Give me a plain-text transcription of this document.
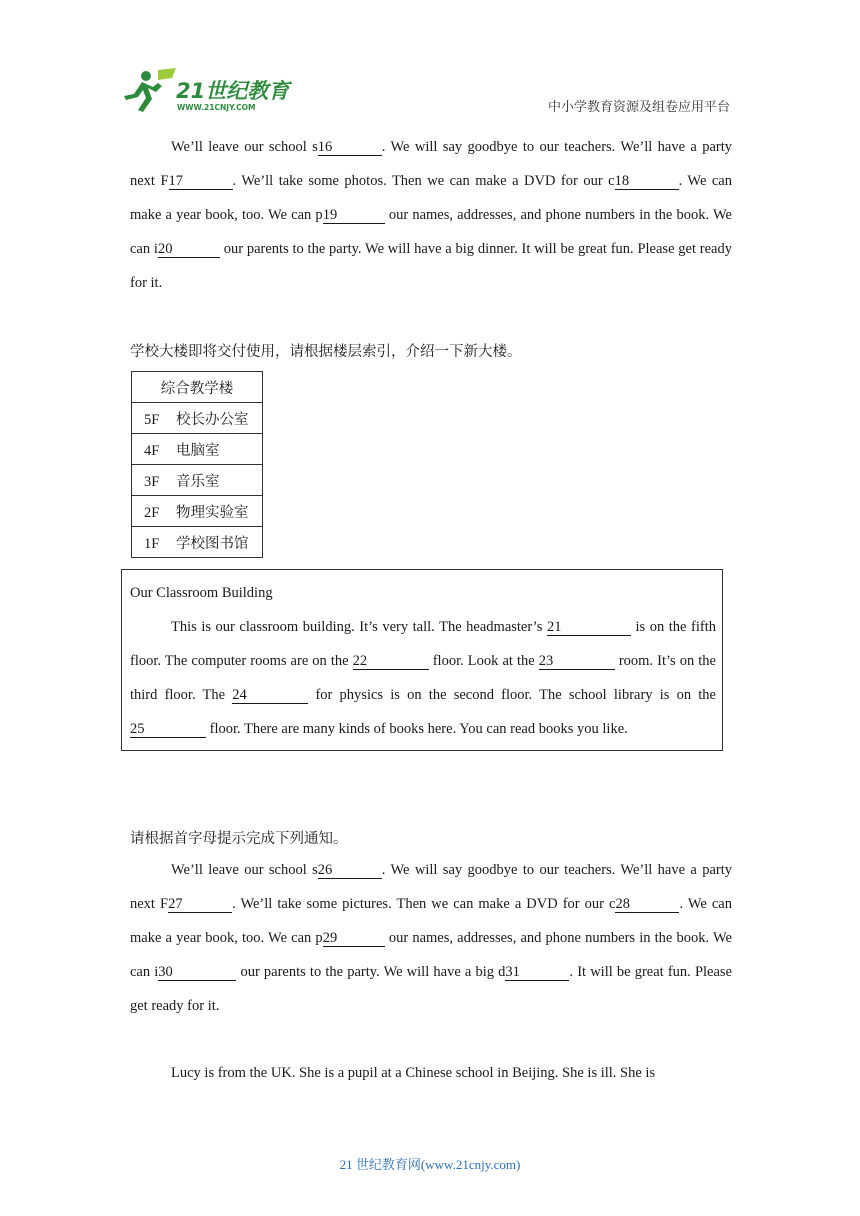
21世纪教育
WWW.21CNJY.COM	中小学教育资源及组卷应用平台
We’ll leave our school s16	. We will say goodbye to our teachers. We’ll have a party next F17	. We’ll take some photos. Then we can make a DVD for our c18	. We can make a year book, too. We can p19	our names, addresses, and phone numbers in the book. We can i20	our parents to the party. We will have a big dinner. It will be great fun. Please get ready for it.
学校大楼即将交付使用，请根据楼层索引，介绍一下新大楼。
综合教学楼
5F 校长办公室
4F 电脑室
3F 音乐室
2F 物理实验室
1F 学校图书馆
Our Classroom Building
This is our classroom building. It’s very tall. The headmaster’s 21	is on the fifth floor. The computer rooms are on the 22	floor. Look at the 23	room. It’s on the third floor. The 24	for physics is on the second floor. The school library is on the 25	floor. There are many kinds of books here. You can read books you like.
请根据首字母提示完成下列通知。
We’ll leave our school s26	. We will say goodbye to our teachers. We’ll have a party next F27	. We’ll take some pictures. Then we can make a DVD for our c28	. We can make a year book, too. We can p29	our names, addresses, and phone numbers in the book. We can i30	our parents to the party. We will have a big d31	. It will be great fun. Please get ready for it.
Lucy is from the UK. She is a pupil at a Chinese school in Beijing. She is ill. She is
21 世纪教育网(www.21cnjy.com)
